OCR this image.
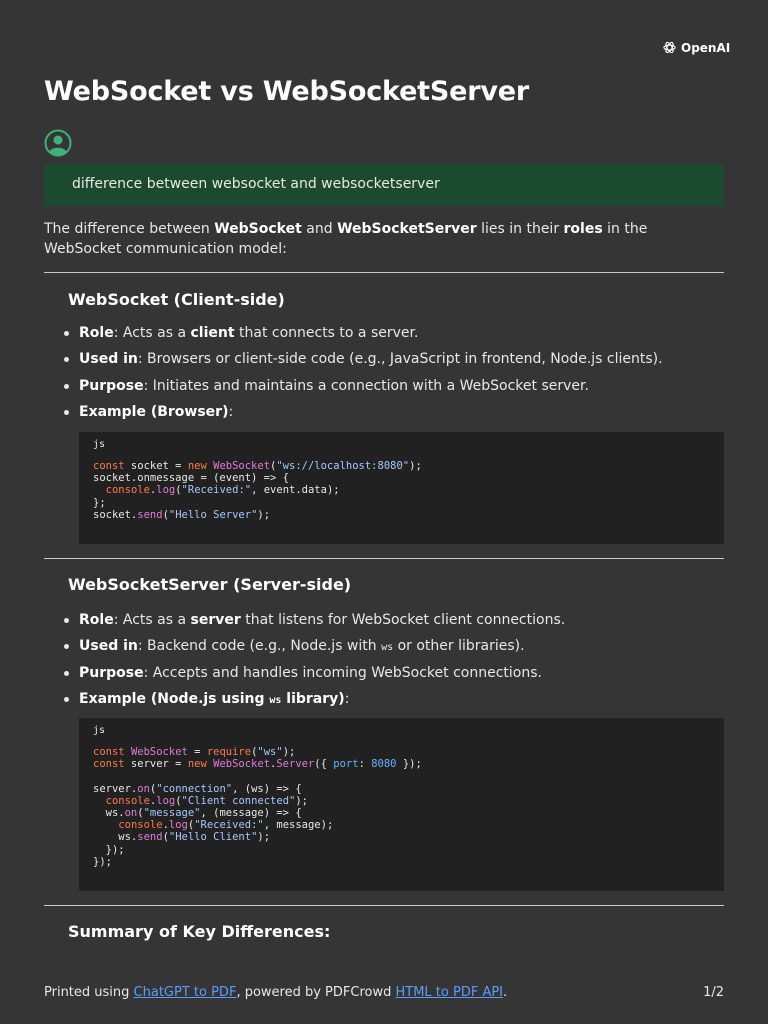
OpenAI
WebSocket vs WebSocketServer
difference between websocket and websocketserver

The difference between WebSocket and WebSocketServer lies in their roles in the WebSocket communication model:

WebSocket (Client-side)
Role: Acts as a client that connects to a server.
Used in: Browsers or client-side code (e.g., JavaScript in frontend, Node.js clients).
Purpose: Initiates and maintains a connection with a WebSocket server.
Example (Browser):
js
const socket = new WebSocket("ws://localhost:8080");
socket.onmessage = (event) => {
console.log("Received:", event.data);
};
socket.send("Hello Server");
WebSocketServer (Server-side)
Role: Acts as a server that listens for WebSocket client connections.
Used in: Backend code (e.g., Node.js with ws or other libraries).
Purpose: Accepts and handles incoming WebSocket connections.
Example (Node.js using ws library):
js
const WebSocket = require("ws");
const server = new WebSocket.Server({ port: 8080 });

server.on("connection", (ws) => {
console.log("Client connected");
ws.on("message", (message) => {
console.log("Received:", message);
ws.send("Hello Client");
});
});
Summary of Key Differences:
Printed using ChatGPT to PDF, powered by PDFCrowd HTML to PDF API.	1/2
